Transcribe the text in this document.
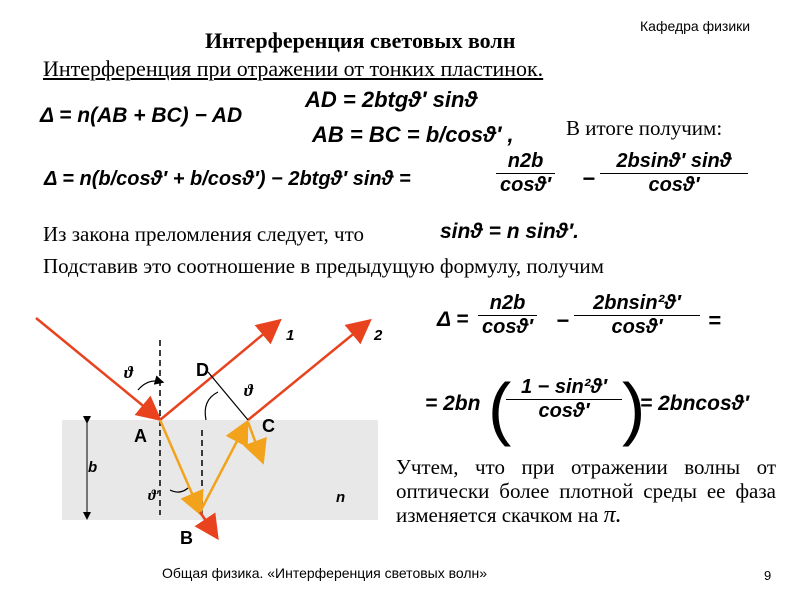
Кафедра физики
Интерференция световых волн
Интерференция при отражении от тонких пластинок.
Δ = n(AB + BC) − AD
AD = 2btgϑ′ sinϑ
AB = BC = b/cosϑ′ , В итоге получим:
Δ = n(b/cosϑ′ + b/cosϑ′) − 2btgϑ′ sinϑ =	$\frac{n2b}{\cos ϑ'} - \frac{2bsinϑ' \sin ϑ}{\cos ϑ'}$
Из закона преломления следует, что	sinϑ = n sinϑ′.
Подставив это соотношение в предыдущую формулу, получим
$\Delta = \frac{n2b}{\cos ϑ'} - \frac{\text{2bnsin²ϑ′}}{\cos ϑ'}$ =
= 2bn (
$\frac{\text{1 − sin²ϑ′}}{\cos ϑ'}$ )
= 2bncosϑ′
Учтем, что при отражении волны от оптически более плотной среды ее фаза изменяется скачком на π.
1	2
D
A	C
B
b
n
ϑ
ϑ
ϑ′
Общая физика. «Интерференция световых волн»	9
